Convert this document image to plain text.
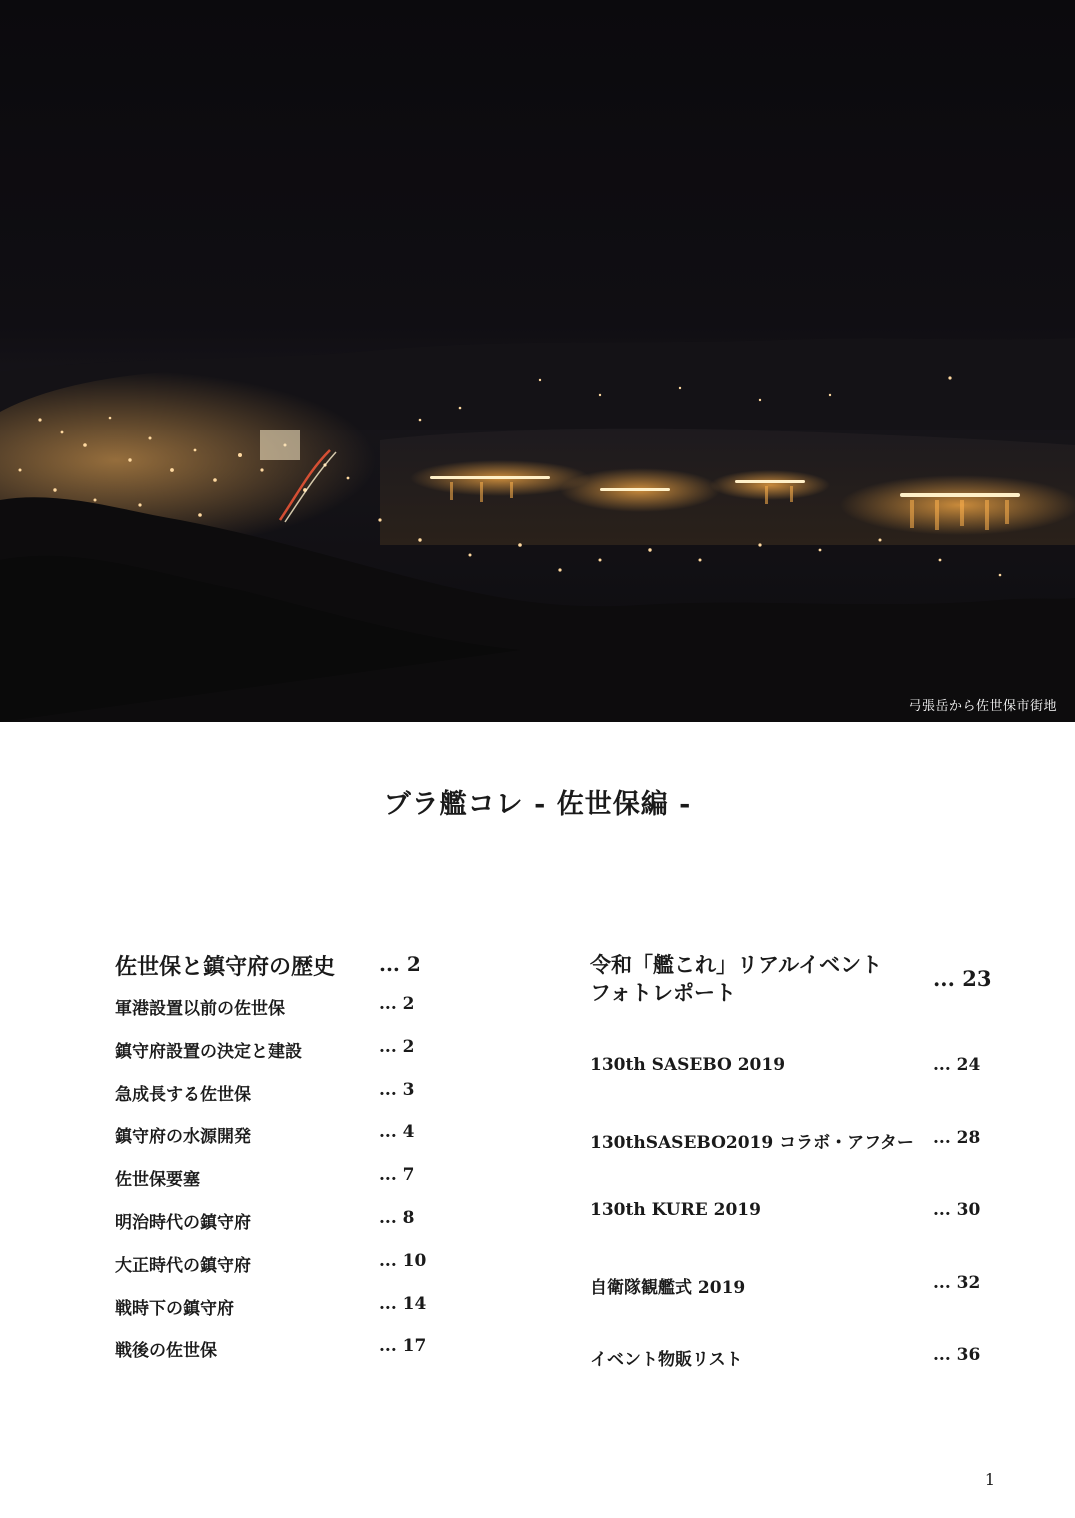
弓張岳から佐世保市街地
ブラ艦コレ - 佐世保編 -
佐世保と鎮守府の歴史 ... 2
軍港設置以前の佐世保	... 2
鎮守府設置の決定と建設	... 2
急成長する佐世保	... 3
鎮守府の水源開発	... 4
佐世保要塞	... 7
明治時代の鎮守府	... 8
大正時代の鎮守府	... 10
戦時下の鎮守府	... 14
戦後の佐世保	... 17
令和「艦これ」リアルイベント
フォトレポート
... 23
130th SASEBO 2019	... 24
130thSASEBO2019 コラボ・アフター ... 28
130th KURE 2019	... 30
自衛隊観艦式 2019	... 32
イベント物販リスト	... 36
1
